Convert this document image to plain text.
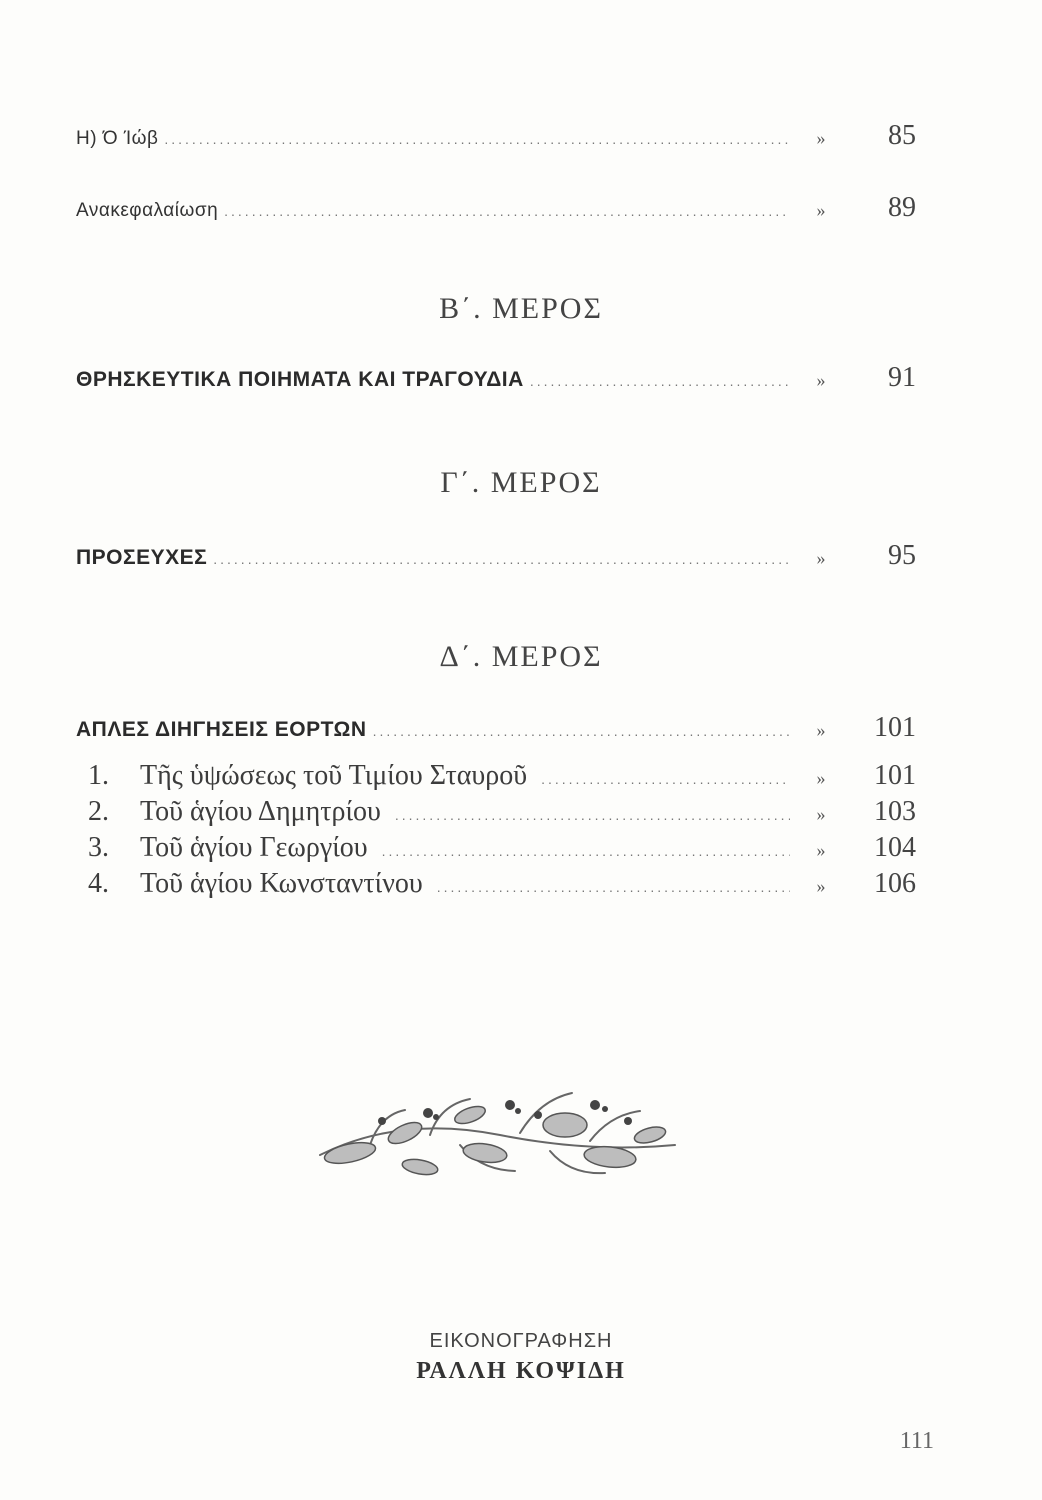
Η) Ό Ίώβ .....	»	85
Ανακεφαλαίωση .....	»	89
Β΄. ΜΕΡΟΣ
ΘΡΗΣΚΕΥΤΙΚΑ ΠΟΙΗΜΑΤΑ ΚΑΙ ΤΡΑΓΟΥΔΙΑ .....	»	91
Γ΄. ΜΕΡΟΣ
ΠΡΟΣΕΥΧΕΣ .....	»	95
Δ΄. ΜΕΡΟΣ
ΑΠΛΕΣ ΔΙΗΓΗΣΕΙΣ ΕΟΡΤΩΝ .....	»	101
1.	Τῆς ὑψώσεως τοῦ Τιμίου Σταυροῦ .....	»	101
2.	Τοῦ ἁγίου Δημητρίου .....	»	103
3.	Τοῦ ἁγίου Γεωργίου .....	»	104
4.	Τοῦ ἁγίου Κωνσταντίνου .....	»	106
ΕΙΚΟΝΟΓΡΑΦΗΣΗ
ΡΑΛΛΗ ΚΟΨΙΔΗ
111
